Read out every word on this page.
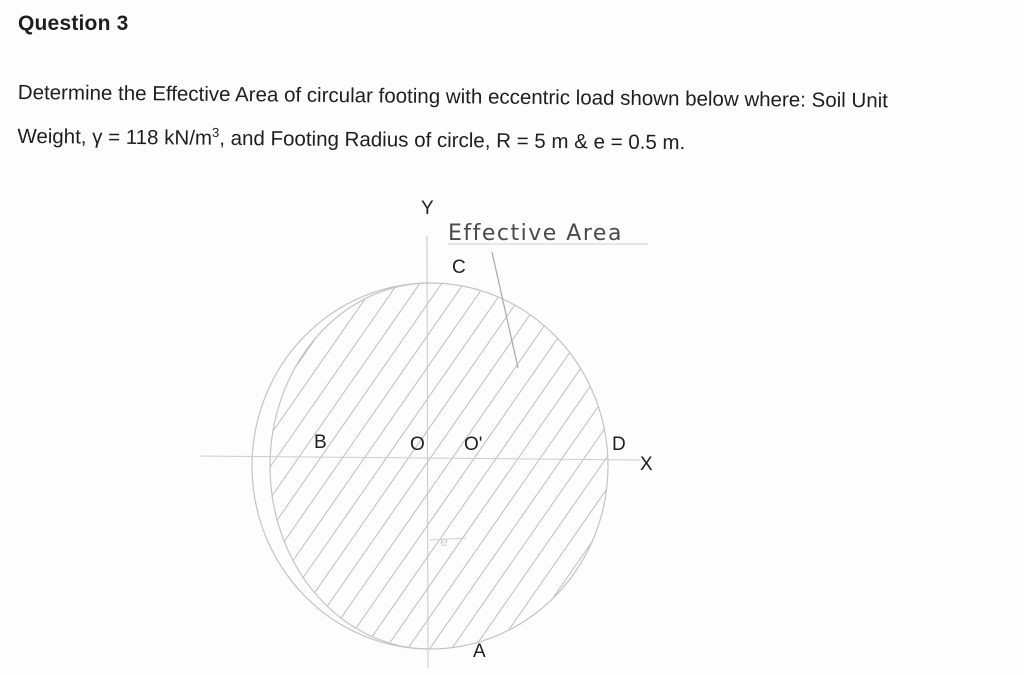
Question 3
Determine the Effective Area of circular footing with eccentric load shown below where: Soil Unit
Weight, γ = 118 $kN/m^3$, and Footing Radius of circle, R = 5 m & e = 0.5 m.
e
Y
Effective Area
C
B	O O'	D
X
A
